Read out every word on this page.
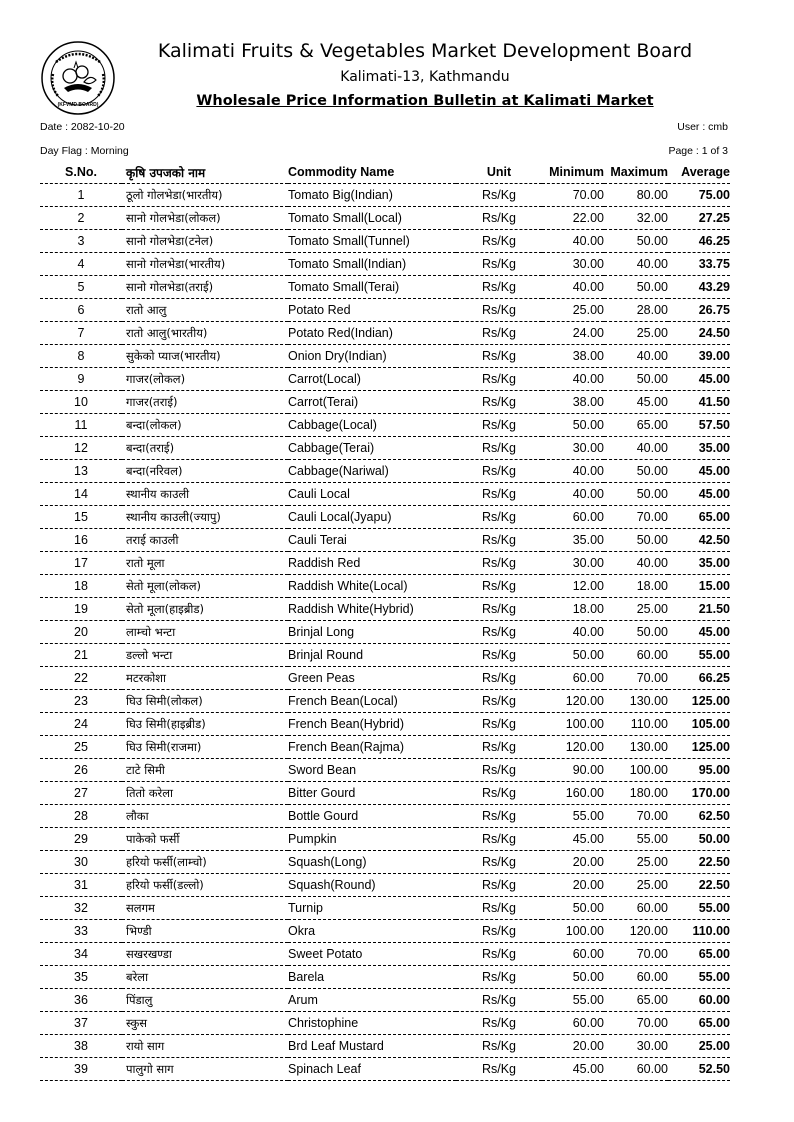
(KFVMD BOARD)
Kalimati Fruits & Vegetables Market Development Board
Kalimati-13, Kathmandu
Wholesale Price Information Bulletin at Kalimati Market
Date : 2082-10-20	User : cmb
Day Flag : Morning	Page : 1 of 3
S.No.	कृषि उपजको नाम	Commodity Name	Unit	Minimum	Maximum	Average
1	ठूलो गोलभेडा(भारतीय)	Tomato Big(Indian)	Rs/Kg	70.00	80.00	75.00
2	सानो गोलभेडा(लोकल)	Tomato Small(Local)	Rs/Kg	22.00	32.00	27.25
3	सानो गोलभेडा(टनेल)	Tomato Small(Tunnel)	Rs/Kg	40.00	50.00	46.25
4	सानो गोलभेडा(भारतीय)	Tomato Small(Indian)	Rs/Kg	30.00	40.00	33.75
5	सानो गोलभेडा(तराई)	Tomato Small(Terai)	Rs/Kg	40.00	50.00	43.29
6	रातो आलु	Potato Red	Rs/Kg	25.00	28.00	26.75
7	रातो आलु(भारतीय)	Potato Red(Indian)	Rs/Kg	24.00	25.00	24.50
8	सुकेको प्याज(भारतीय)	Onion Dry(Indian)	Rs/Kg	38.00	40.00	39.00
9	गाजर(लोकल)	Carrot(Local)	Rs/Kg	40.00	50.00	45.00
10	गाजर(तराई)	Carrot(Terai)	Rs/Kg	38.00	45.00	41.50
11	बन्दा(लोकल)	Cabbage(Local)	Rs/Kg	50.00	65.00	57.50
12	बन्दा(तराई)	Cabbage(Terai)	Rs/Kg	30.00	40.00	35.00
13	बन्दा(नरिवल)	Cabbage(Nariwal)	Rs/Kg	40.00	50.00	45.00
14	स्थानीय काउली	Cauli Local	Rs/Kg	40.00	50.00	45.00
15	स्थानीय काउली(ज्यापु)	Cauli Local(Jyapu)	Rs/Kg	60.00	70.00	65.00
16	तराई काउली	Cauli Terai	Rs/Kg	35.00	50.00	42.50
17	रातो मूला	Raddish Red	Rs/Kg	30.00	40.00	35.00
18	सेतो मूला(लोकल)	Raddish White(Local)	Rs/Kg	12.00	18.00	15.00
19	सेतो मूला(हाइब्रीड)	Raddish White(Hybrid)	Rs/Kg	18.00	25.00	21.50
20	लाम्चो भन्टा	Brinjal Long	Rs/Kg	40.00	50.00	45.00
21	डल्लो भन्टा	Brinjal Round	Rs/Kg	50.00	60.00	55.00
22	मटरकोशा	Green Peas	Rs/Kg	60.00	70.00	66.25
23	घिउ सिमी(लोकल)	French Bean(Local)	Rs/Kg	120.00	130.00	125.00
24	घिउ सिमी(हाइब्रीड)	French Bean(Hybrid)	Rs/Kg	100.00	110.00	105.00
25	घिउ सिमी(राजमा)	French Bean(Rajma)	Rs/Kg	120.00	130.00	125.00
26	टाटे सिमी	Sword Bean	Rs/Kg	90.00	100.00	95.00
27	तितो करेला	Bitter Gourd	Rs/Kg	160.00	180.00	170.00
28	लौका	Bottle Gourd	Rs/Kg	55.00	70.00	62.50
29	पाकेको फर्सी	Pumpkin	Rs/Kg	45.00	55.00	50.00
30	हरियो फर्सी(लाम्चो)	Squash(Long)	Rs/Kg	20.00	25.00	22.50
31	हरियो फर्सी(डल्लो)	Squash(Round)	Rs/Kg	20.00	25.00	22.50
32	सलगम	Turnip	Rs/Kg	50.00	60.00	55.00
33	भिण्डी	Okra	Rs/Kg	100.00	120.00	110.00
34	सखरखण्डा	Sweet Potato	Rs/Kg	60.00	70.00	65.00
35	बरेला	Barela	Rs/Kg	50.00	60.00	55.00
36	पिंडालु	Arum	Rs/Kg	55.00	65.00	60.00
37	स्कुस	Christophine	Rs/Kg	60.00	70.00	65.00
38	रायो साग	Brd Leaf Mustard	Rs/Kg	20.00	30.00	25.00
39	पालुगो साग	Spinach Leaf	Rs/Kg	45.00	60.00	52.50
